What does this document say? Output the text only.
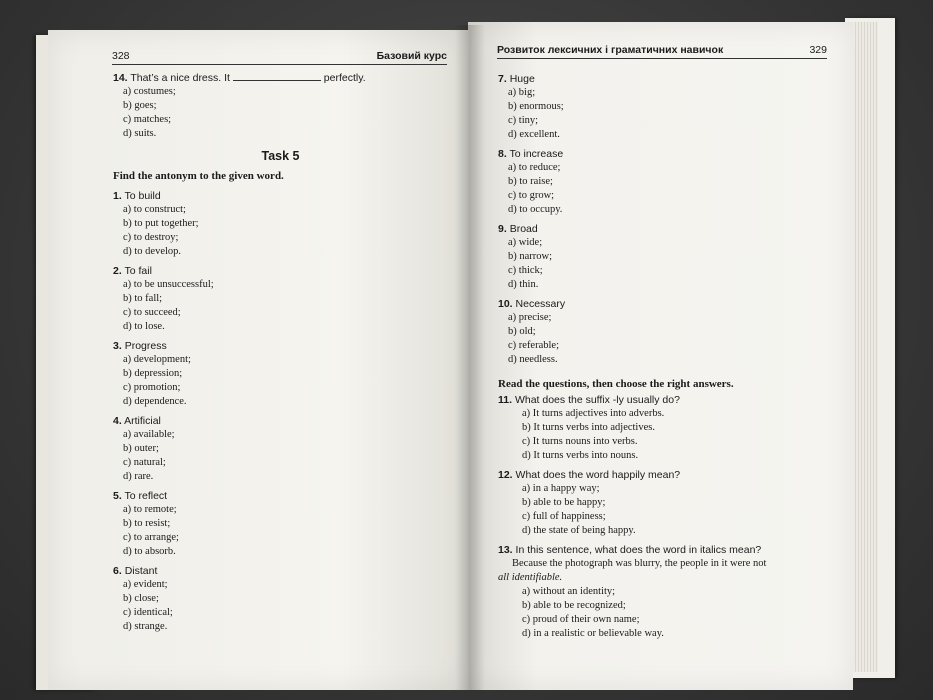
328	Базовий курс	Розвиток лексичних і граматичних навичок	329
14. That’s a nice dress. It	perfectly.
a) costumes;
b) goes;
c) matches;
d) suits.
Task 5
Find the antonym to the given word.
1. To build
a) to construct;
b) to put together;
c) to destroy;
d) to develop.
2. To fail
a) to be unsuccessful;
b) to fall;
c) to succeed;
d) to lose.
3. Progress
a) development;
b) depression;
c) promotion;
d) dependence.
4. Artificial
a) available;
b) outer;
c) natural;
d) rare.
5. To reflect
a) to remote;
b) to resist;
c) to arrange;
d) to absorb.
6. Distant
a) evident;
b) close;
c) identical;
d) strange.
7. Huge
a) big;
b) enormous;
c) tiny;
d) excellent.
8. To increase
a) to reduce;
b) to raise;
c) to grow;
d) to occupy.
9. Broad
a) wide;
b) narrow;
c) thick;
d) thin.
10. Necessary
a) precise;
b) old;
c) referable;
d) needless.
Read the questions, then choose the right answers.
11. What does the suffix -ly usually do?
a) It turns adjectives into adverbs.
b) It turns verbs into adjectives.
c) It turns nouns into verbs.
d) It turns verbs into nouns.
12. What does the word happily mean?
a) in a happy way;
b) able to be happy;
c) full of happiness;
d) the state of being happy.
13. In this sentence, what does the word in italics mean?
Because the photograph was blurry, the people in it were not
all identifiable.
a) without an identity;
b) able to be recognized;
c) proud of their own name;
d) in a realistic or believable way.
